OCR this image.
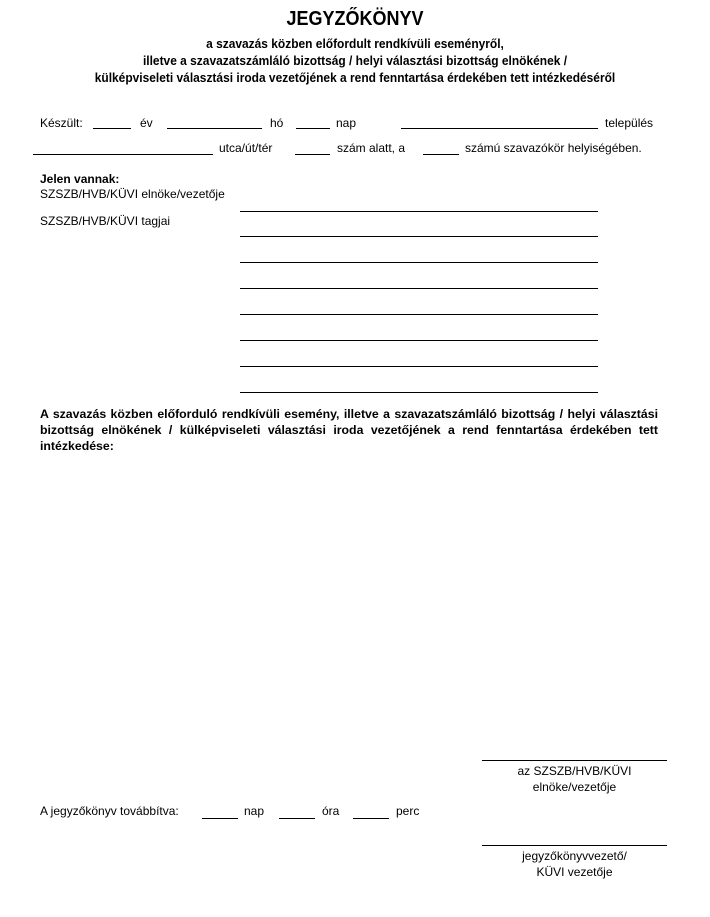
JEGYZŐKÖNYV
a szavazás közben előfordult rendkívüli eseményről,
illetve a szavazatszámláló bizottság / helyi választási bizottság elnökének /
külképviseleti választási iroda vezetőjének a rend fenntartása érdekében tett intézkedéséről
Készült:	év	hó	nap	település
utca/út/tér	szám alatt, a	számú szavazókör helyiségében.
Jelen vannak:
SZSZB/HVB/KÜVI elnöke/vezetője
SZSZB/HVB/KÜVI tagjai
A szavazás közben előforduló rendkívüli esemény, illetve a szavazatszámláló bizottság / helyi választási bizottság elnökének / külképviseleti választási iroda vezetőjének a rend fenntartása érdekében tett intézkedése:
az SZSZB/HVB/KÜVI
elnöke/vezetője
A jegyzőkönyv továbbítva:	nap	óra	perc
jegyzőkönyvvezető/
KÜVI vezetője
